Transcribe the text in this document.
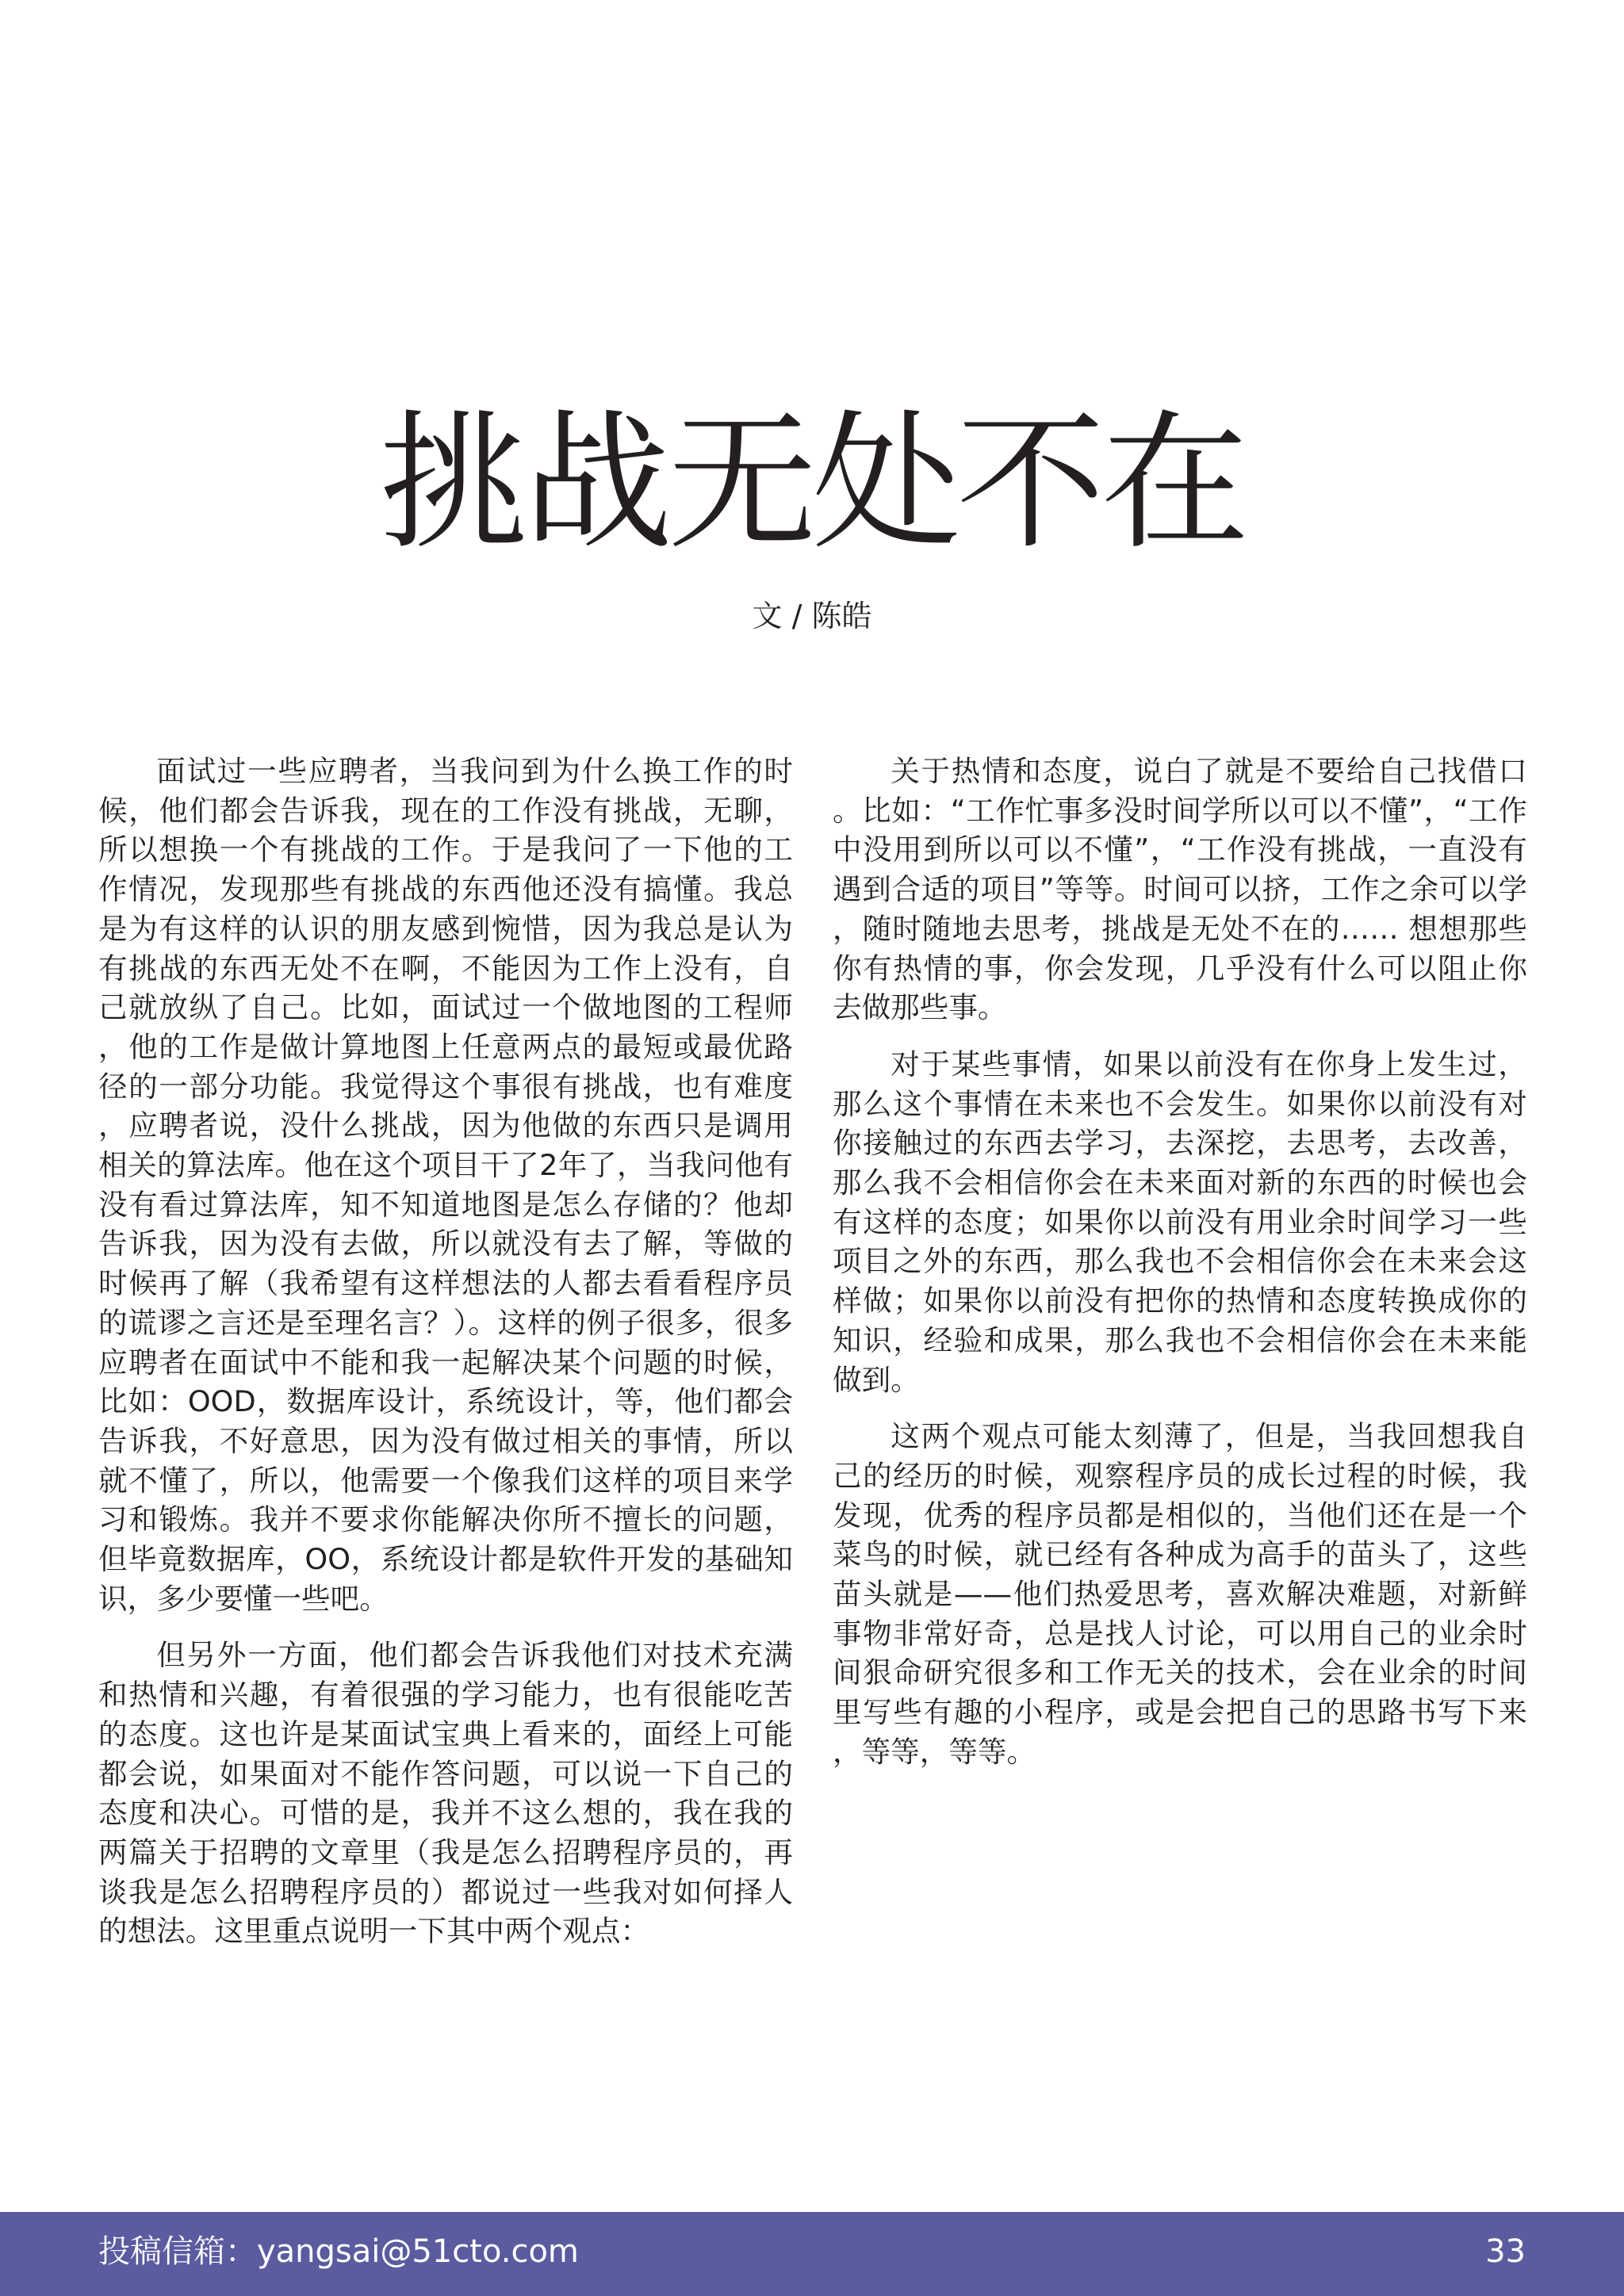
挑战无处不在
文 / 陈皓

面试过一些应聘者，当我问到为什么换工作的时候，他们都会告诉我，现在的工作没有挑战，无聊，所以想换一个有挑战的工作。于是我问了一下他的工作情况，发现那些有挑战的东西他还没有搞懂。我总是为有这样的认识的朋友感到惋惜，因为我总是认为有挑战的东西无处不在啊，不能因为工作上没有，自己就放纵了自己。比如，面试过一个做地图的工程师，他的工作是做计算地图上任意两点的最短或最优路径的一部分功能。我觉得这个事很有挑战，也有难度，应聘者说，没什么挑战，因为他做的东西只是调用相关的算法库。他在这个项目干了2年了，当我问他有没有看过算法库，知不知道地图是怎么存储的？他却告诉我，因为没有去做，所以就没有去了解，等做的时候再了解（我希望有这样想法的人都去看看程序员的谎谬之言还是至理名言？）。这样的例子很多，很多应聘者在面试中不能和我一起解决某个问题的时候，比如：OOD，数据库设计，系统设计，等，他们都会告诉我，不好意思，因为没有做过相关的事情，所以就不懂了，所以，他需要一个像我们这样的项目来学习和锻炼。我并不要求你能解决你所不擅长的问题，但毕竟数据库，OO，系统设计都是软件开发的基础知识，多少要懂一些吧。

但另外一方面，他们都会告诉我他们对技术充满和热情和兴趣，有着很强的学习能力，也有很能吃苦的态度。这也许是某面试宝典上看来的，面经上可能都会说，如果面对不能作答问题，可以说一下自己的态度和决心。可惜的是，我并不这么想的，我在我的两篇关于招聘的文章里（我是怎么招聘程序员的，再谈我是怎么招聘程序员的）都说过一些我对如何择人的想法。这里重点说明一下其中两个观点：

关于热情和态度，说白了就是不要给自己找借口。比如：“工作忙事多没时间学所以可以不懂”，“工作中没用到所以可以不懂”，“工作没有挑战，一直没有遇到合适的项目”等等。时间可以挤，工作之余可以学，随时随地去思考，挑战是无处不在的…… 想想那些你有热情的事，你会发现，几乎没有什么可以阻止你去做那些事。

对于某些事情，如果以前没有在你身上发生过，那么这个事情在未来也不会发生。如果你以前没有对你接触过的东西去学习，去深挖，去思考，去改善，那么我不会相信你会在未来面对新的东西的时候也会有这样的态度；如果你以前没有用业余时间学习一些项目之外的东西，那么我也不会相信你会在未来会这样做；如果你以前没有把你的热情和态度转换成你的知识，经验和成果，那么我也不会相信你会在未来能做到。

这两个观点可能太刻薄了，但是，当我回想我自己的经历的时候，观察程序员的成长过程的时候，我发现，优秀的程序员都是相似的，当他们还在是一个菜鸟的时候，就已经有各种成为高手的苗头了，这些苗头就是——他们热爱思考，喜欢解决难题，对新鲜事物非常好奇，总是找人讨论，可以用自己的业余时间狠命研究很多和工作无关的技术，会在业余的时间里写些有趣的小程序，或是会把自己的思路书写下来，等等，等等。

投稿信箱：yangsai@51cto.com	33
